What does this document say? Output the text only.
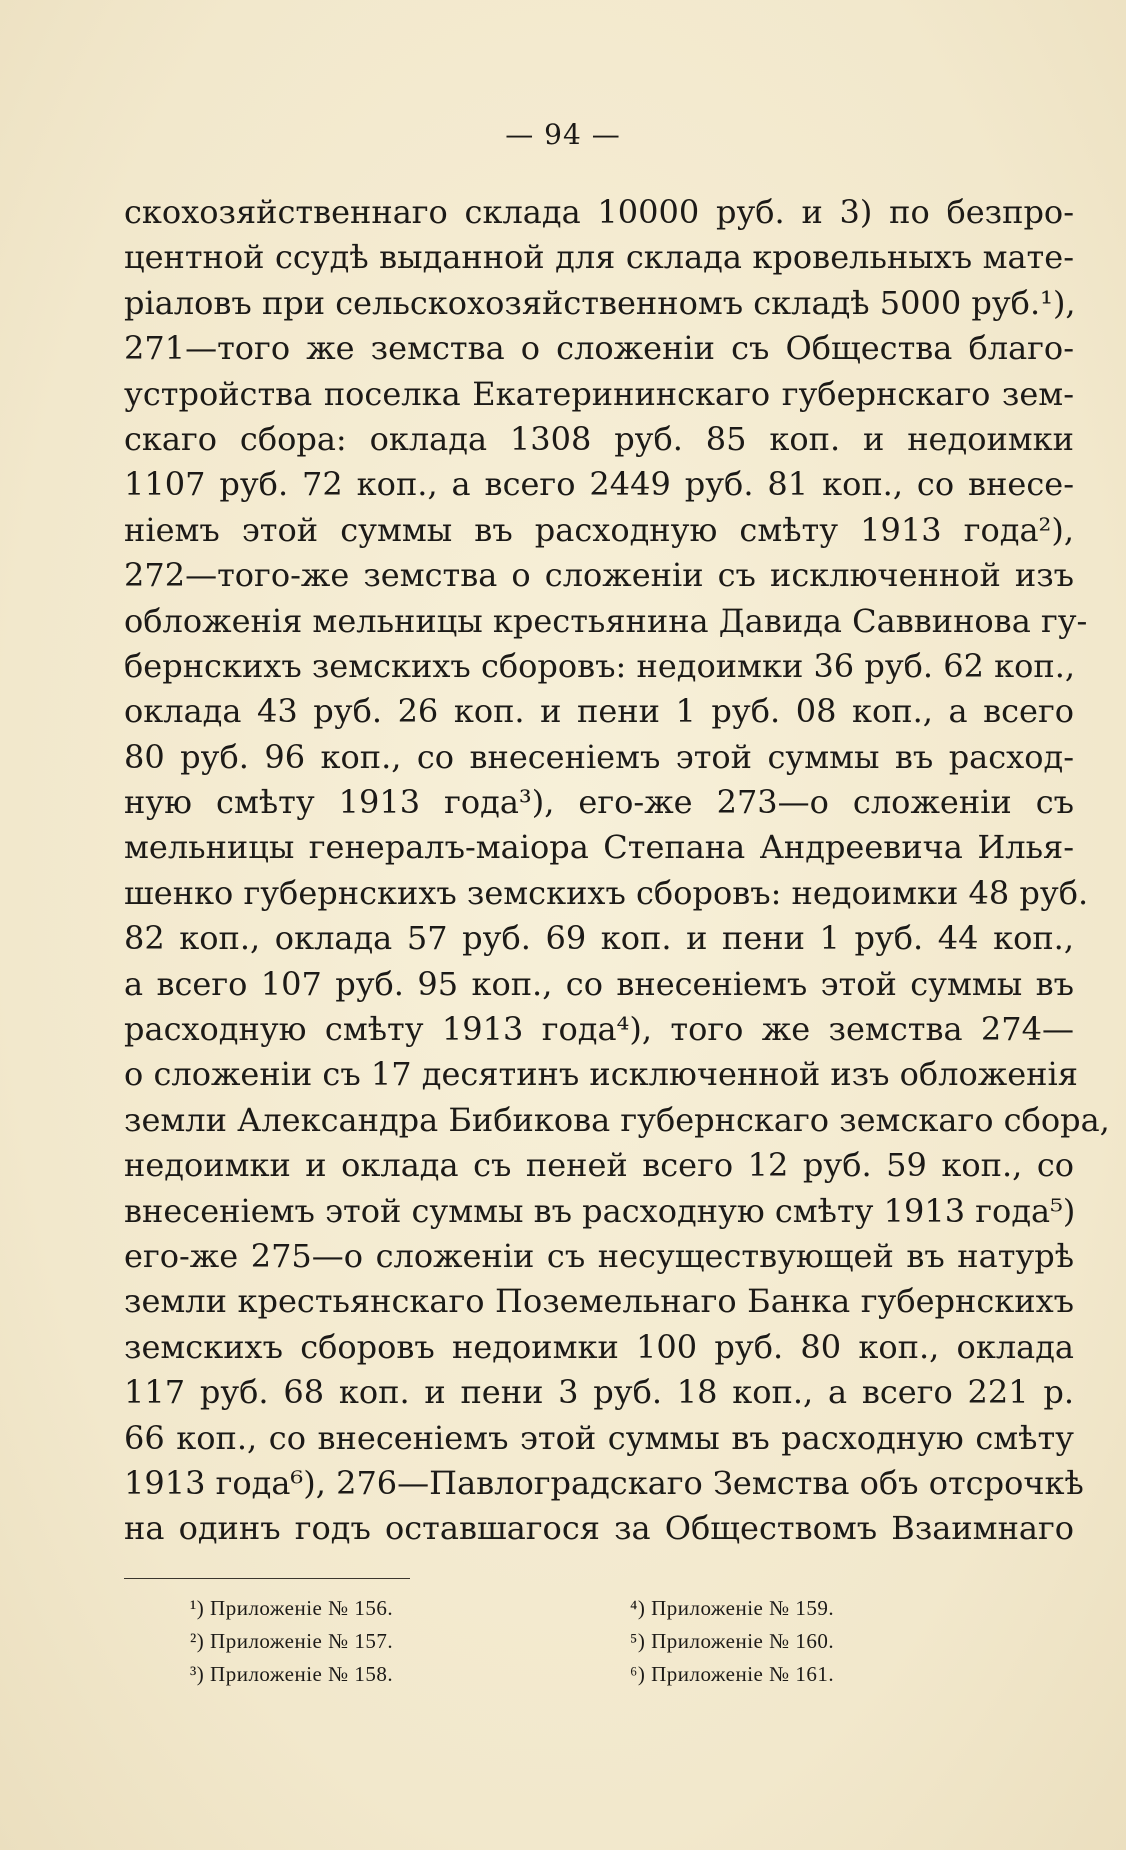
— 94 —
скохозяйственнаго склада 10000 руб. и 3) по безпро-
центной ссудѣ выданной для склада кровельныхъ мате-
ріаловъ при сельскохозяйственномъ складѣ 5000 руб.¹),
271—того же земства о сложеніи съ Общества благо-
устройства поселка Екатерининскаго губернскаго зем-
скаго сбора: оклада 1308 руб. 85 коп. и недоимки
1107 руб. 72 коп., а всего 2449 руб. 81 коп., со внесе-
ніемъ этой суммы въ расходную смѣту 1913 года²),
272—того-же земства о сложеніи съ исключенной изъ
обложенія мельницы крестьянина Давида Саввинова гу-
бернскихъ земскихъ сборовъ: недоимки 36 руб. 62 коп.,
оклада 43 руб. 26 коп. и пени 1 руб. 08 коп., а всего
80 руб. 96 коп., со внесеніемъ этой суммы въ расход-
ную смѣту 1913 года³), его-же 273—о сложеніи съ
мельницы генералъ-маіора Степана Андреевича Илья-
шенко губернскихъ земскихъ сборовъ: недоимки 48 руб.
82 коп., оклада 57 руб. 69 коп. и пени 1 руб. 44 коп.,
а всего 107 руб. 95 коп., со внесеніемъ этой суммы въ
расходную смѣту 1913 года⁴), того же земства 274—
о сложеніи съ 17 десятинъ исключенной изъ обложенія
земли Александра Бибикова губернскаго земскаго сбора,
недоимки и оклада съ пеней всего 12 руб. 59 коп., со
внесеніемъ этой суммы въ расходную смѣту 1913 года⁵)
его-же 275—о сложеніи съ несуществующей въ натурѣ
земли крестьянскаго Поземельнаго Банка губернскихъ
земскихъ сборовъ недоимки 100 руб. 80 коп., оклада
117 руб. 68 коп. и пени 3 руб. 18 коп., а всего 221 р.
66 коп., со внесеніемъ этой суммы въ расходную смѣту
1913 года⁶), 276—Павлоградскаго Земства объ отсрочкѣ
на одинъ годъ оставшагося за Обществомъ Взаимнаго
¹) Приложеніе № 156.
²) Приложеніе № 157.
³) Приложеніе № 158.
⁴) Приложеніе № 159.
⁵) Приложеніе № 160.
⁶) Приложеніе № 161.
